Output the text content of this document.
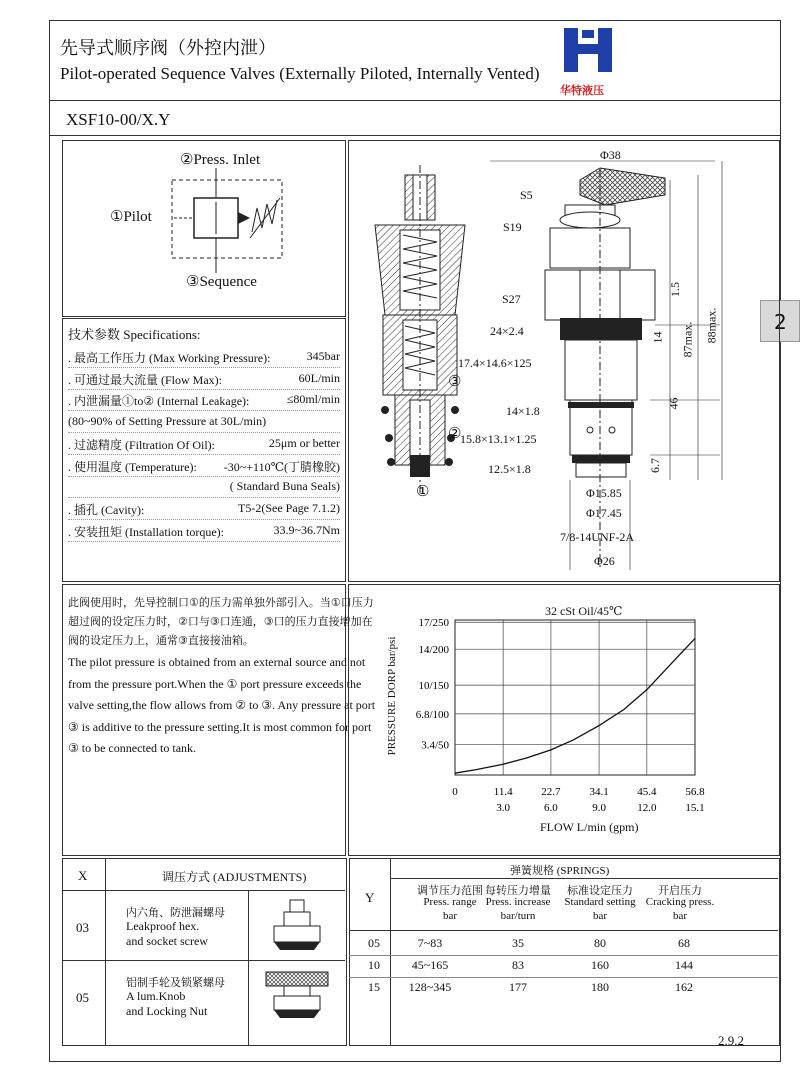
先导式顺序阀（外控内泄）
Pilot-operated Sequence Valves (Externally Piloted, Internally Vented)
华特液压
XSF10-00/X.Y
2
②Press. Inlet
①Pilot
③Sequence
技术参数 Specifications:
. 最高工作压力 (Max Working Pressure):	345bar
. 可通过最大流量 (Flow Max):	60L/min
. 内泄漏量①to② (Internal Leakage):	≤80ml/min
(80~90% of Setting Pressure at 30L/min)
. 过滤精度 (Filtration Of Oil):	25μm or better
. 使用温度 (Temperature): -30~+110℃(丁腈橡胶)
( Standard Buna Seals)
. 插孔 (Cavity):	T5-2(See Page 7.1.2)
. 安装扭矩 (Installation torque):	33.9~36.7Nm
此阀使用时，先导控制口①的压力需单独外部引入。当①口压力
超过阀的设定压力时，②口与③口连通，③口的压力直接增加在
阀的设定压力上，通常③直接接油箱。
The pilot pressure is obtained from an external source and not
from the pressure port.When the ① port pressure exceeds the
valve setting,the flow allows from ② to ③. Any pressure at port
③ is additive to the pressure setting.It is most common for port
③ to be connected to tank.
③
②
①
Φ38
S5
S19
S27
24×2.4
17.4×14.6×125
14×1.8
15.8×13.1×1.25
12.5×1.8
Φ15.85
Φ17.45
7/8-14UNF-2A
Φ26
1.5
14
46
6.7
87max. 88max.
32 cSt Oil/45℃
PRESSURE DORP bar/psi
FLOW L/min (gpm)
0	11.4	22.7	34.1	45.4	56.8
3.0	6.0	9.0	12.0	15.1
3.4/50
6.8/100
10/150
14/200
17/250
X	调压方式 (ADJUSTMENTS)
03
内六角、防泄漏螺母
Leakproof hex.
and socket screw
05
铝制手轮及锁紧螺母
A lum.Knob
and Locking Nut
弹簧规格 (SPRINGS)
Y	调节压力范围
Press. range
bar
每转压力增量
Press. increase
bar/turn
标准设定压力
Standard setting
bar
开启压力
Cracking press.
bar
05	7~83	35	80	68
10	45~165	83	160	144
15 128~345	177	180	162
2.9.2
